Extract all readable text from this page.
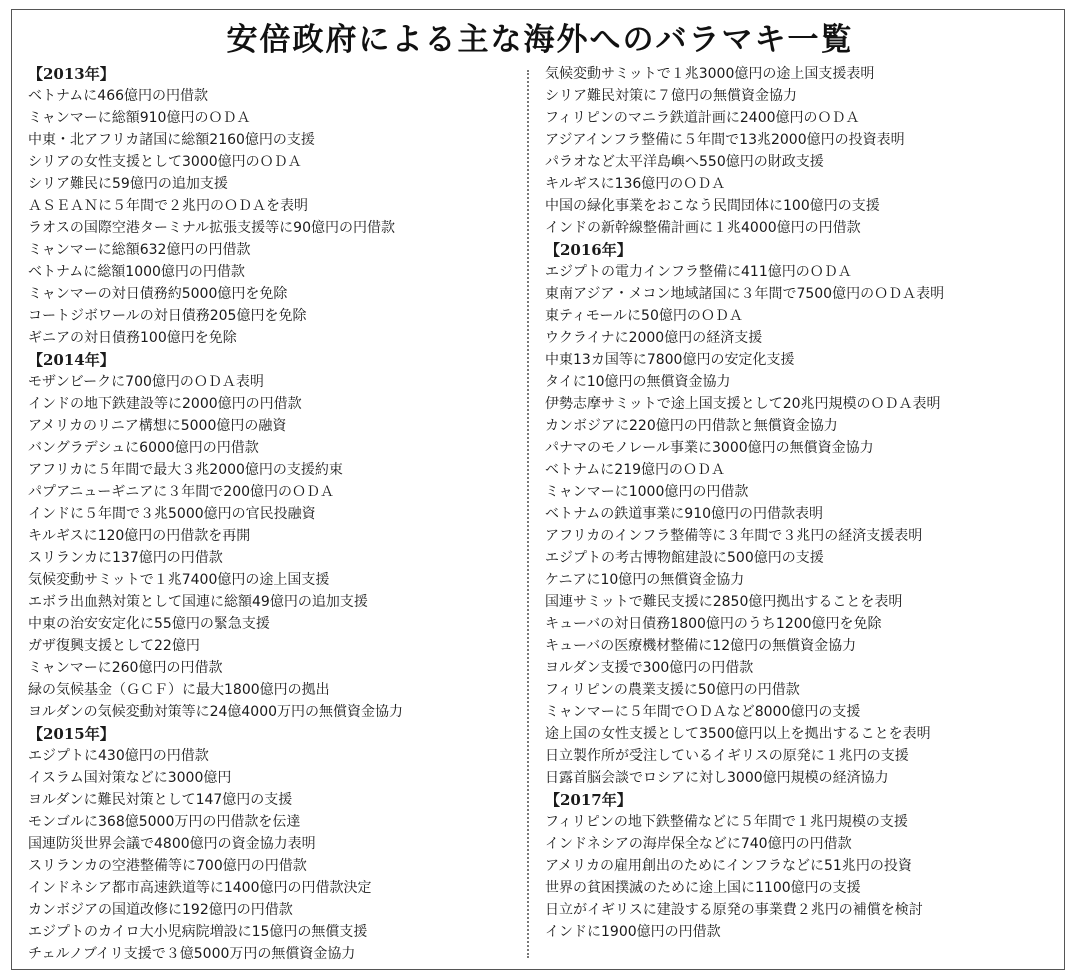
安倍政府による主な海外へのバラマキ一覧
【2013年】
ベトナムに466億円の円借款
ミャンマーに総額910億円のＯＤＡ
中東・北アフリカ諸国に総額2160億円の支援
シリアの女性支援として3000億円のＯＤＡ
シリア難民に59億円の追加支援
ＡＳＥＡＮに５年間で２兆円のＯＤＡを表明
ラオスの国際空港ターミナル拡張支援等に90億円の円借款
ミャンマーに総額632億円の円借款
ベトナムに総額1000億円の円借款
ミャンマーの対日債務約5000億円を免除
コートジボワールの対日債務205億円を免除
ギニアの対日債務100億円を免除
【2014年】
モザンビークに700億円のＯＤＡ表明
インドの地下鉄建設等に2000億円の円借款
アメリカのリニア構想に5000億円の融資
バングラデシュに6000億円の円借款
アフリカに５年間で最大３兆2000億円の支援約束
パプアニューギニアに３年間で200億円のＯＤＡ
インドに５年間で３兆5000億円の官民投融資
キルギスに120億円の円借款を再開
スリランカに137億円の円借款
気候変動サミットで１兆7400億円の途上国支援
エボラ出血熱対策として国連に総額49億円の追加支援
中東の治安安定化に55億円の緊急支援
ガザ復興支援として22億円
ミャンマーに260億円の円借款
緑の気候基金（ＧＣＦ）に最大1800億円の拠出
ヨルダンの気候変動対策等に24億4000万円の無償資金協力
【2015年】
エジプトに430億円の円借款
イスラム国対策などに3000億円
ヨルダンに難民対策として147億円の支援
モンゴルに368億5000万円の円借款を伝達
国連防災世界会議で4800億円の資金協力表明
スリランカの空港整備等に700億円の円借款
インドネシア都市高速鉄道等に1400億円の円借款決定
カンボジアの国道改修に192億円の円借款
エジプトのカイロ大小児病院増設に15億円の無償支援
チェルノブイリ支援で３億5000万円の無償資金協力
気候変動サミットで１兆3000億円の途上国支援表明
シリア難民対策に７億円の無償資金協力
フィリピンのマニラ鉄道計画に2400億円のＯＤＡ
アジアインフラ整備に５年間で13兆2000億円の投資表明
パラオなど太平洋島嶼へ550億円の財政支援
キルギスに136億円のＯＤＡ
中国の緑化事業をおこなう民間団体に100億円の支援
インドの新幹線整備計画に１兆4000億円の円借款
【2016年】
エジプトの電力インフラ整備に411億円のＯＤＡ
東南アジア・メコン地域諸国に３年間で7500億円のＯＤＡ表明
東ティモールに50億円のＯＤＡ
ウクライナに2000億円の経済支援
中東13カ国等に7800億円の安定化支援
タイに10億円の無償資金協力
伊勢志摩サミットで途上国支援として20兆円規模のＯＤＡ表明
カンボジアに220億円の円借款と無償資金協力
パナマのモノレール事業に3000億円の無償資金協力
ベトナムに219億円のＯＤＡ
ミャンマーに1000億円の円借款
ベトナムの鉄道事業に910億円の円借款表明
アフリカのインフラ整備等に３年間で３兆円の経済支援表明
エジプトの考古博物館建設に500億円の支援
ケニアに10億円の無償資金協力
国連サミットで難民支援に2850億円拠出することを表明
キューバの対日債務1800億円のうち1200億円を免除
キューバの医療機材整備に12億円の無償資金協力
ヨルダン支援で300億円の円借款
フィリピンの農業支援に50億円の円借款
ミャンマーに５年間でＯＤＡなど8000億円の支援
途上国の女性支援として3500億円以上を拠出することを表明
日立製作所が受注しているイギリスの原発に１兆円の支援
日露首脳会談でロシアに対し3000億円規模の経済協力
【2017年】
フィリピンの地下鉄整備などに５年間で１兆円規模の支援
インドネシアの海岸保全などに740億円の円借款
アメリカの雇用創出のためにインフラなどに51兆円の投資
世界の貧困撲滅のために途上国に1100億円の支援
日立がイギリスに建設する原発の事業費２兆円の補償を検討
インドに1900億円の円借款
